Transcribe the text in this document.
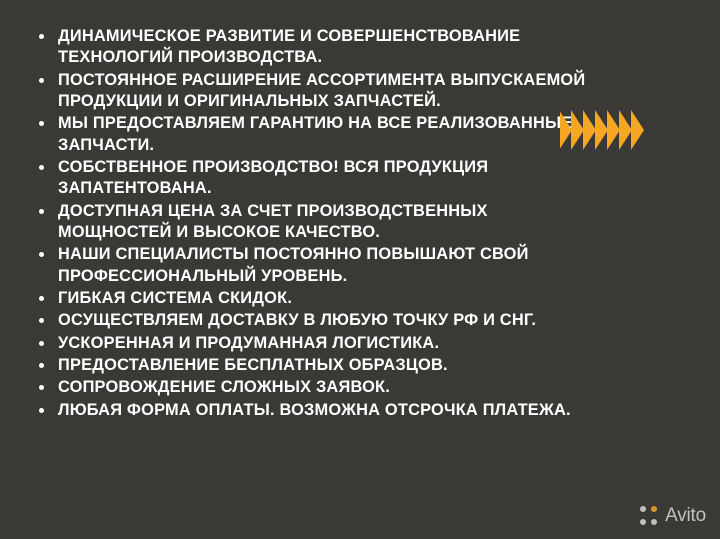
ДИНАМИЧЕСКОЕ РАЗВИТИЕ И СОВЕРШЕНСТВОВАНИЕ ТЕХНОЛОГИЙ ПРОИЗВОДСТВА.
ПОСТОЯННОЕ РАСШИРЕНИЕ АССОРТИМЕНТА ВЫПУСКАЕМОЙ ПРОДУКЦИИ И ОРИГИНАЛЬНЫХ ЗАПЧАСТЕЙ.
МЫ ПРЕДОСТАВЛЯЕМ ГАРАНТИЮ НА ВСЕ РЕАЛИЗОВАННЫЕ ЗАПЧАСТИ.
СОБСТВЕННОЕ ПРОИЗВОДСТВО! ВСЯ ПРОДУКЦИЯ ЗАПАТЕНТОВАНА.
ДОСТУПНАЯ ЦЕНА ЗА СЧЕТ ПРОИЗВОДСТВЕННЫХ МОЩНОСТЕЙ И ВЫСОКОЕ КАЧЕСТВО.
НАШИ СПЕЦИАЛИСТЫ ПОСТОЯННО ПОВЫШАЮТ СВОЙ ПРОФЕССИОНАЛЬНЫЙ УРОВЕНЬ.
ГИБКАЯ СИСТЕМА СКИДОК.
ОСУЩЕСТВЛЯЕМ ДОСТАВКУ В ЛЮБУЮ ТОЧКУ РФ И СНГ.
УСКОРЕННАЯ И ПРОДУМАННАЯ ЛОГИСТИКА.
ПРЕДОСТАВЛЕНИЕ БЕСПЛАТНЫХ ОБРАЗЦОВ.
СОПРОВОЖДЕНИЕ СЛОЖНЫХ ЗАЯВОК.
ЛЮБАЯ ФОРМА ОПЛАТЫ. ВОЗМОЖНА ОТСРОЧКА ПЛАТЕЖА.
Avito
